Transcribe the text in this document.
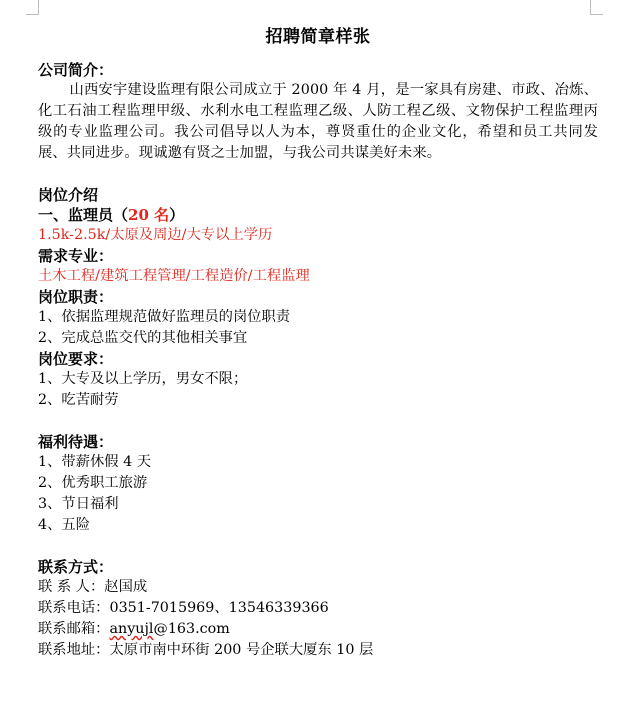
招聘简章样张
公司简介：
山西安宇建设监理有限公司成立于 2000 年 4 月，是一家具有房建、市政、冶炼、化工石油工程监理甲级、水利水电工程监理乙级、人防工程乙级、文物保护工程监理丙级的专业监理公司。我公司倡导以人为本，尊贤重仕的企业文化，希望和员工共同发展、共同进步。现诚邀有贤之士加盟，与我公司共谋美好未来。
岗位介绍
一、监理员（20 名）
1.5k-2.5k/太原及周边/大专以上学历
需求专业：
土木工程/建筑工程管理/工程造价/工程监理
岗位职责：
1、依据监理规范做好监理员的岗位职责
2、完成总监交代的其他相关事宜
岗位要求：
1、大专及以上学历，男女不限；
2、吃苦耐劳
福利待遇：
1、带薪休假 4 天
2、优秀职工旅游
3、节日福利
4、五险
联系方式：
联 系 人：赵国成
联系电话：0351-7015969、13546339366
联系邮箱：anyujl@163.com
联系地址：太原市南中环街 200 号企联大厦东 10 层
